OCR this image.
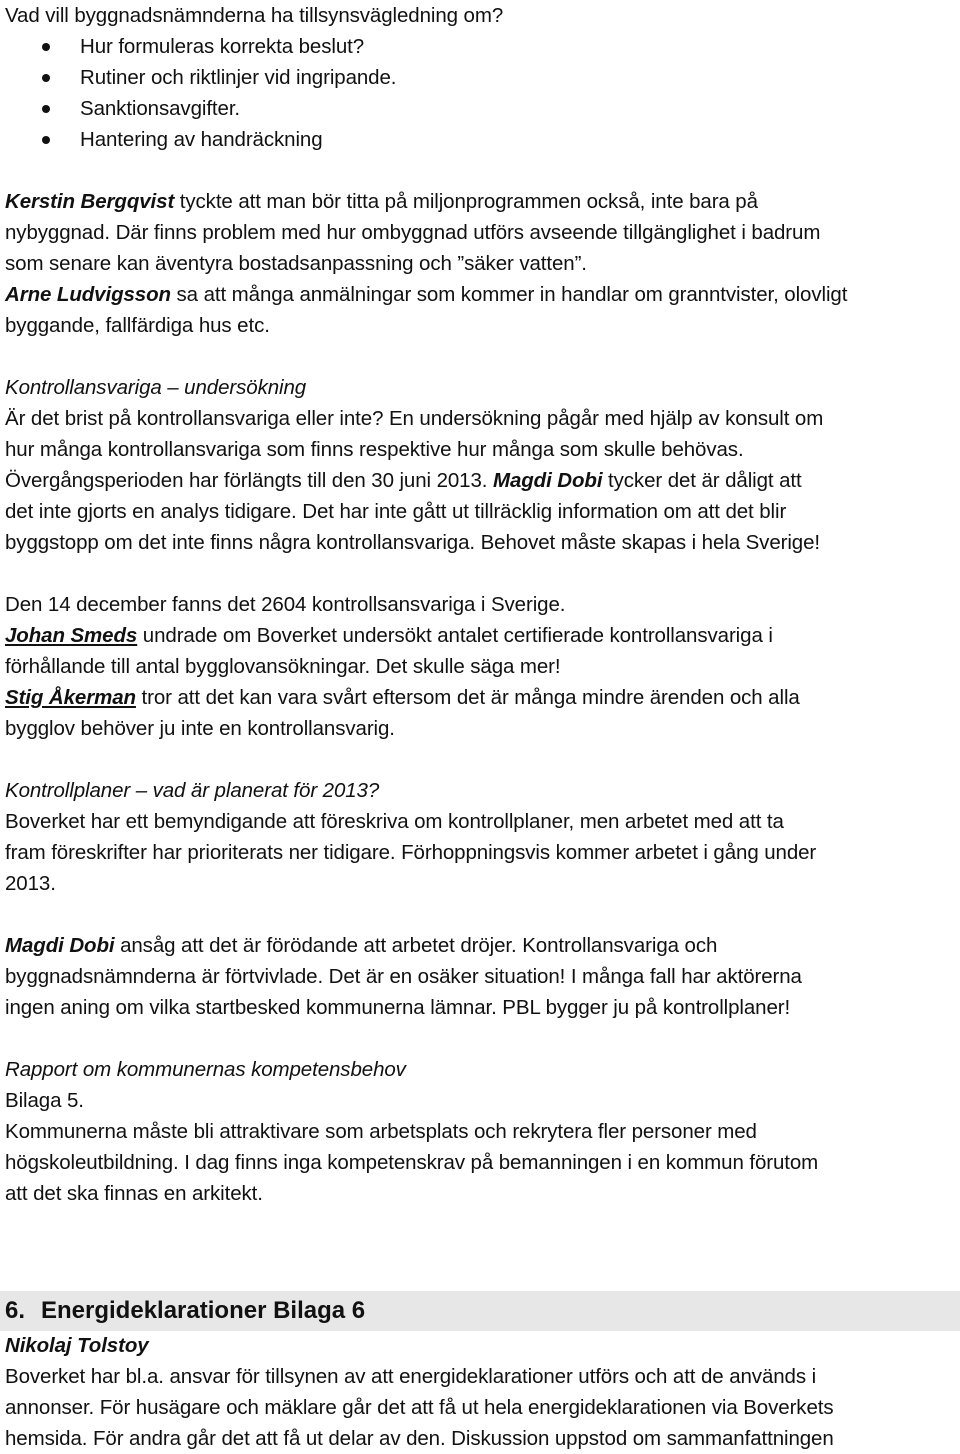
Vad vill byggnadsnämnderna ha tillsynsvägledning om?
Hur formuleras korrekta beslut?
Rutiner och riktlinjer vid ingripande.
Sanktionsavgifter.
Hantering av handräckning
Kerstin Bergqvist tyckte att man bör titta på miljonprogrammen också, inte bara på
nybyggnad. Där finns problem med hur ombyggnad utförs avseende tillgänglighet i badrum
som senare kan äventyra bostadsanpassning och ”säker vatten”.
Arne Ludvigsson sa att många anmälningar som kommer in handlar om granntvister, olovligt
byggande, fallfärdiga hus etc.
Kontrollansvariga – undersökning
Är det brist på kontrollansvariga eller inte? En undersökning pågår med hjälp av konsult om
hur många kontrollansvariga som finns respektive hur många som skulle behövas.
Övergångsperioden har förlängts till den 30 juni 2013. Magdi Dobi tycker det är dåligt att
det inte gjorts en analys tidigare. Det har inte gått ut tillräcklig information om att det blir
byggstopp om det inte finns några kontrollansvariga. Behovet måste skapas i hela Sverige!
Den 14 december fanns det 2604 kontrollsansvariga i Sverige.
Johan Smeds undrade om Boverket undersökt antalet certifierade kontrollansvariga i
förhållande till antal bygglovansökningar. Det skulle säga mer!
Stig Åkerman tror att det kan vara svårt eftersom det är många mindre ärenden och alla
bygglov behöver ju inte en kontrollansvarig.
Kontrollplaner – vad är planerat för 2013?
Boverket har ett bemyndigande att föreskriva om kontrollplaner, men arbetet med att ta
fram föreskrifter har prioriterats ner tidigare. Förhoppningsvis kommer arbetet i gång under
2013.
Magdi Dobi ansåg att det är förödande att arbetet dröjer. Kontrollansvariga och
byggnadsnämnderna är förtvivlade. Det är en osäker situation! I många fall har aktörerna
ingen aning om vilka startbesked kommunerna lämnar. PBL bygger ju på kontrollplaner!
Rapport om kommunernas kompetensbehov
Bilaga 5.
Kommunerna måste bli attraktivare som arbetsplats och rekrytera fler personer med
högskoleutbildning. I dag finns inga kompetenskrav på bemanningen i en kommun förutom
att det ska finnas en arkitekt.
6. Energideklarationer Bilaga 6
Nikolaj Tolstoy
Boverket har bl.a. ansvar för tillsynen av att energideklarationer utförs och att de används i
annonser. För husägare och mäklare går det att få ut hela energideklarationen via Boverkets
hemsida. För andra går det att få ut delar av den. Diskussion uppstod om sammanfattningen
